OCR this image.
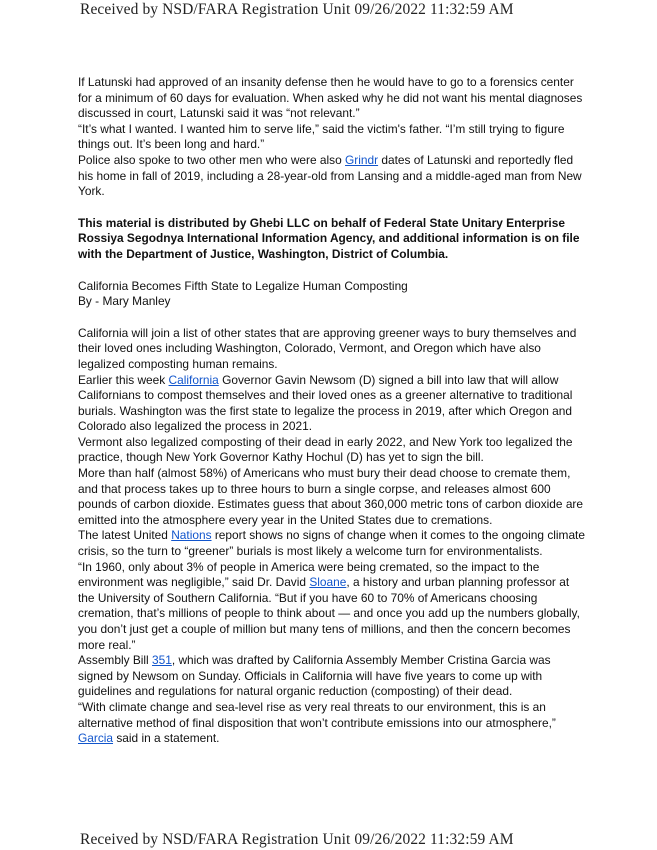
Received by NSD/FARA Registration Unit 09/26/2022 11:32:59 AM

If Latunski had approved of an insanity defense then he would have to go to a forensics center for a minimum of 60 days for evaluation. When asked why he did not want his mental diagnoses discussed in court, Latunski said it was “not relevant.”

“It’s what I wanted. I wanted him to serve life,” said the victim's father. “I’m still trying to figure things out. It’s been long and hard.”

Police also spoke to two other men who were also Grindr dates of Latunski and reportedly fled his home in fall of 2019, including a 28-year-old from Lansing and a middle-aged man from New York.

This material is distributed by Ghebi LLC on behalf of Federal State Unitary Enterprise Rossiya Segodnya International Information Agency, and additional information is on file with the Department of Justice, Washington, District of Columbia.

California Becomes Fifth State to Legalize Human Composting

By - Mary Manley

California will join a list of other states that are approving greener ways to bury themselves and their loved ones including Washington, Colorado, Vermont, and Oregon which have also legalized composting human remains.

Earlier this week California Governor Gavin Newsom (D) signed a bill into law that will allow Californians to compost themselves and their loved ones as a greener alternative to traditional burials. Washington was the first state to legalize the process in 2019, after which Oregon and Colorado also legalized the process in 2021.

Vermont also legalized composting of their dead in early 2022, and New York too legalized the practice, though New York Governor Kathy Hochul (D) has yet to sign the bill.

More than half (almost 58%) of Americans who must bury their dead choose to cremate them, and that process takes up to three hours to burn a single corpse, and releases almost 600 pounds of carbon dioxide. Estimates guess that about 360,000 metric tons of carbon dioxide are emitted into the atmosphere every year in the United States due to cremations.

The latest United Nations report shows no signs of change when it comes to the ongoing climate crisis, so the turn to “greener” burials is most likely a welcome turn for environmentalists.

“In 1960, only about 3% of people in America were being cremated, so the impact to the environment was negligible,” said Dr. David Sloane, a history and urban planning professor at the University of Southern California. “But if you have 60 to 70% of Americans choosing cremation, that’s millions of people to think about — and once you add up the numbers globally, you don’t just get a couple of million but many tens of millions, and then the concern becomes more real.”

Assembly Bill 351, which was drafted by California Assembly Member Cristina Garcia was signed by Newsom on Sunday. Officials in California will have five years to come up with guidelines and regulations for natural organic reduction (composting) of their dead.

“With climate change and sea-level rise as very real threats to our environment, this is an alternative method of final disposition that won’t contribute emissions into our atmosphere,”

Garcia said in a statement.

Received by NSD/FARA Registration Unit 09/26/2022 11:32:59 AM
